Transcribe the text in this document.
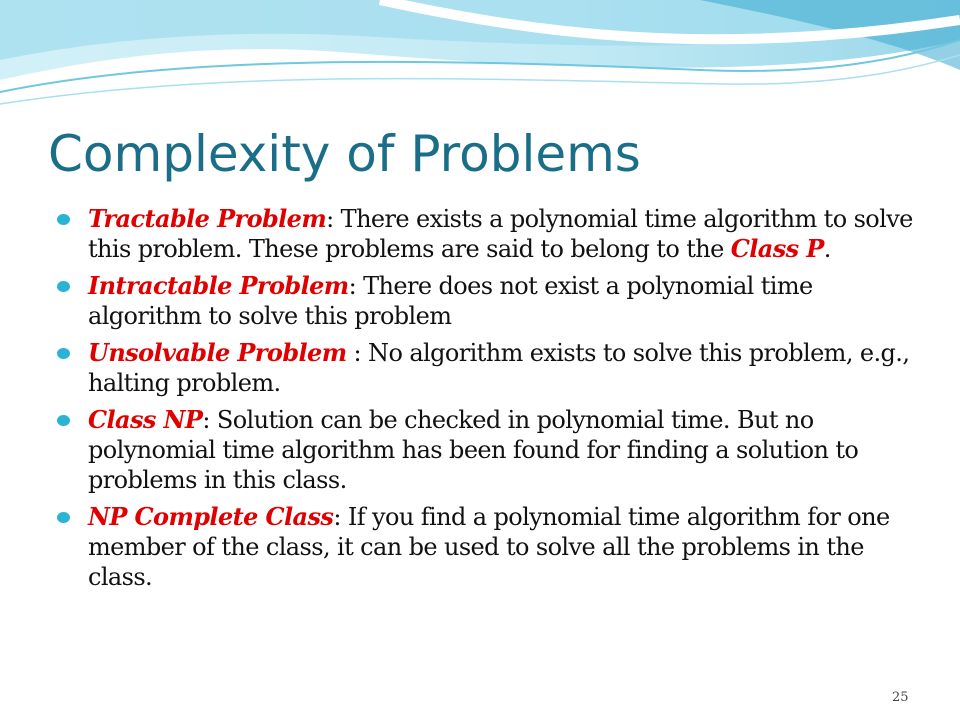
Complexity of Problems

Tractable Problem: There exists a polynomial time algorithm to solve this problem. These problems are said to belong to the Class P.

Intractable Problem: There does not exist a polynomial time algorithm to solve this problem

Unsolvable Problem : No algorithm exists to solve this problem, e.g., halting problem.

Class NP: Solution can be checked in polynomial time. But no polynomial time algorithm has been found for finding a solution to problems in this class.

NP Complete Class: If you find a polynomial time algorithm for one member of the class, it can be used to solve all the problems in the class.

25
